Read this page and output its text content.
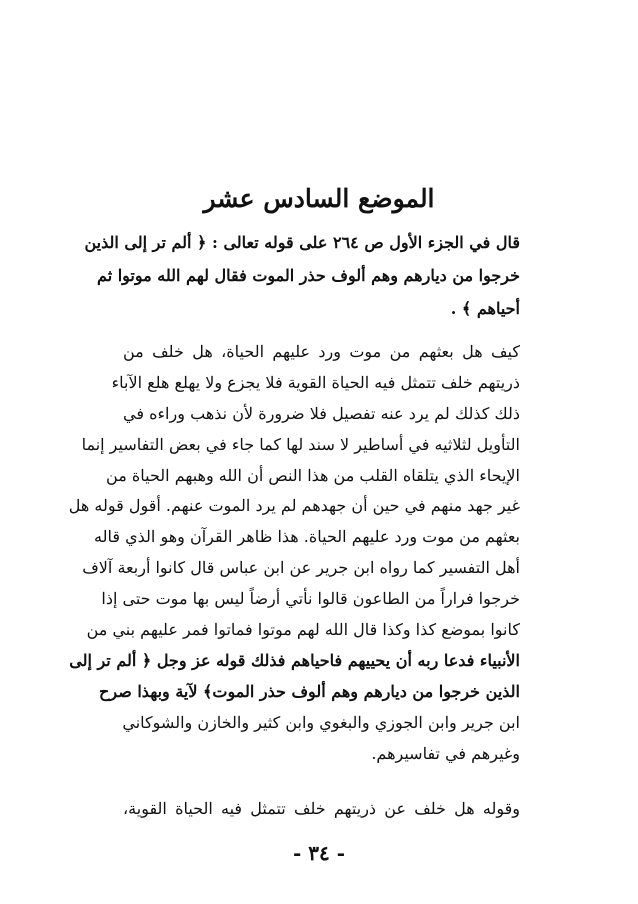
الموضع السادس عشر
قال في الجزء الأول ص ٢٦٤ على قوله تعالى : ﴿ ألم تر إلى الذين
خرجوا من ديارهم وهم ألوف حذر الموت فقال لهم الله موتوا ثم
أحياهم ﴾ .
كيف هل بعثهم من موت ورد عليهم الحياة، هل خلف من
ذريتهم خلف تتمثل فيه الحياة القوية فلا يجزع ولا يهلع هلع الآباء
ذلك كذلك لم يرد عنه تفصيل فلا ضرورة لأن نذهب وراءه في
التأويل لثلاثيه في أساطير لا سند لها كما جاء في بعض التفاسير إنما
الإيحاء الذي يتلقاه القلب من هذا النص أن الله وهبهم الحياة من
غير جهد منهم في حين أن جهدهم لم يرد الموت عنهم. أقول قوله هل
بعثهم من موت ورد عليهم الحياة. هذا ظاهر القرآن وهو الذي قاله
أهل التفسير كما رواه ابن جرير عن ابن عباس قال كانوا أربعة آلاف
خرجوا فراراً من الطاعون قالوا نأتي أرضاً ليس بها موت حتى إذا
كانوا بموضع كذا وكذا قال الله لهم موتوا فماتوا فمر عليهم بني من
الأنبياء فدعا ربه أن يحييهم فاحياهم فذلك قوله عز وجل ﴿ ألم تر إلى
الذين خرجوا من ديارهم وهم ألوف حذر الموت﴾ لآية وبهذا صرح
ابن جرير وابن الجوزي والبغوي وابن كثير والخازن والشوكاني
وغيرهم في تفاسيرهم.
وقوله هل خلف عن ذريتهم خلف تتمثل فيه الحياة القوية،
- ٣٤ -
